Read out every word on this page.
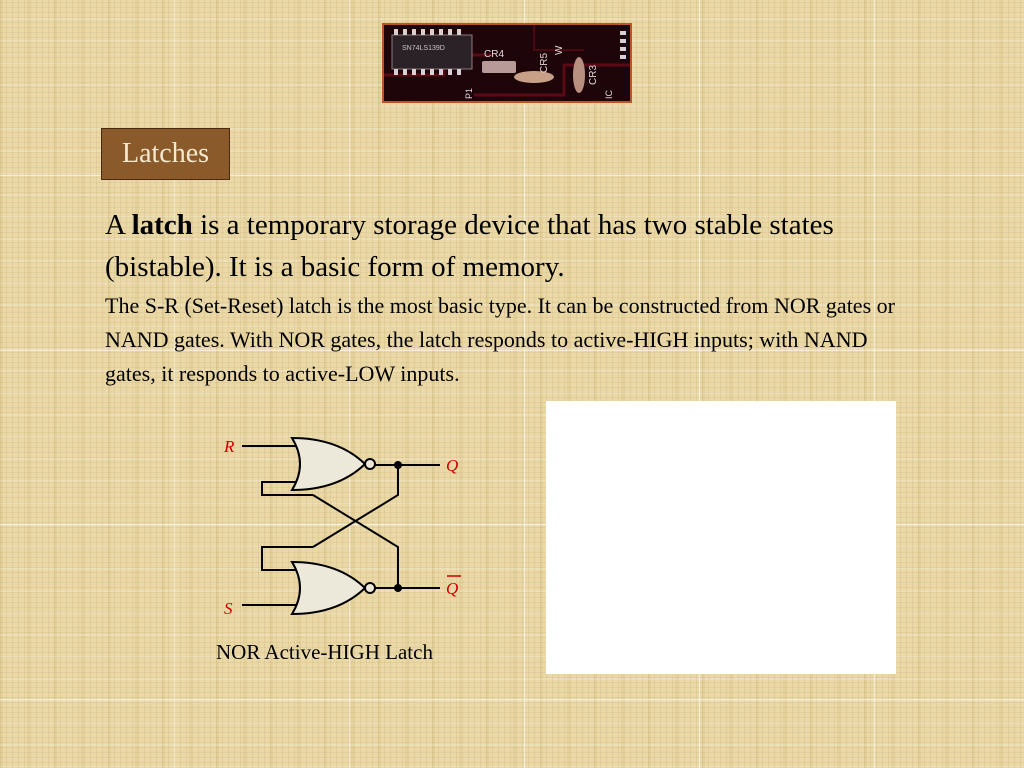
SN74LS139D
CR4	CR5
W
CR3
P1	IC
Latches
A latch is a temporary storage device that has two stable states (bistable). It is a basic form of memory.
The S-R (Set-Reset) latch is the most basic type. It can be constructed from NOR gates or NAND gates. With NOR gates, the latch responds to active-HIGH inputs; with NAND gates, it responds to active-LOW inputs.
R
S
Q
Q
NOR Active-HIGH Latch
